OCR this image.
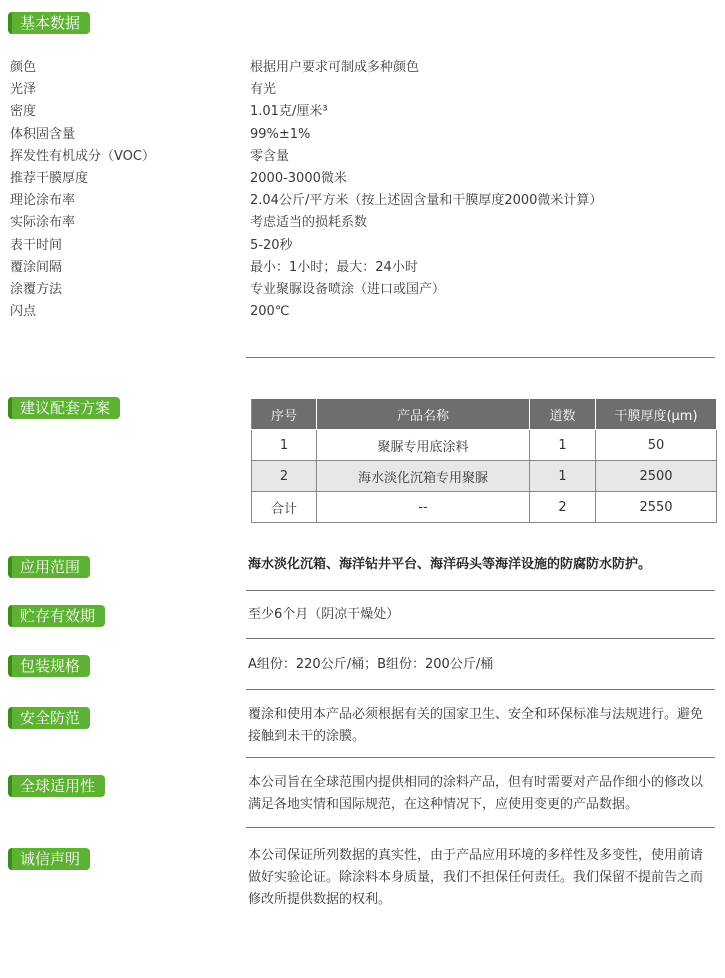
基本数据
颜色	根据用户要求可制成多种颜色
光泽	有光
密度	1.01克/厘米³
体积固含量	99%±1%
挥发性有机成分（VOC）	零含量
推荐干膜厚度	2000-3000微米
理论涂布率	2.04公斤/平方米（按上述固含量和干膜厚度2000微米计算）
实际涂布率	考虑适当的损耗系数
表干时间	5-20秒
覆涂间隔	最小：1小时；最大：24小时
涂覆方法	专业聚脲设备喷涂（进口或国产）
闪点	200℃
建议配套方案	序号	产品名称	道数	干膜厚度(μm)
1	聚脲专用底涂料	1	50
2	海水淡化沉箱专用聚脲	1	2500
合计	--	2	2550
应用范围	海水淡化沉箱、海洋钻井平台、海洋码头等海洋设施的防腐防水防护。
贮存有效期	至少6个月（阴凉干燥处）
包装规格	A组份：220公斤/桶；B组份：200公斤/桶
安全防范	覆涂和使用本产品必须根据有关的国家卫生、安全和环保标准与法规进行。避免接触到未干的涂膜。
全球适用性	本公司旨在全球范围内提供相同的涂料产品，但有时需要对产品作细小的修改以满足各地实情和国际规范，在这种情况下，应使用变更的产品数据。
诚信声明	本公司保证所列数据的真实性，由于产品应用环境的多样性及多变性，使用前请做好实验论证。除涂料本身质量，我们不担保任何责任。我们保留不提前告之而修改所提供数据的权利。
